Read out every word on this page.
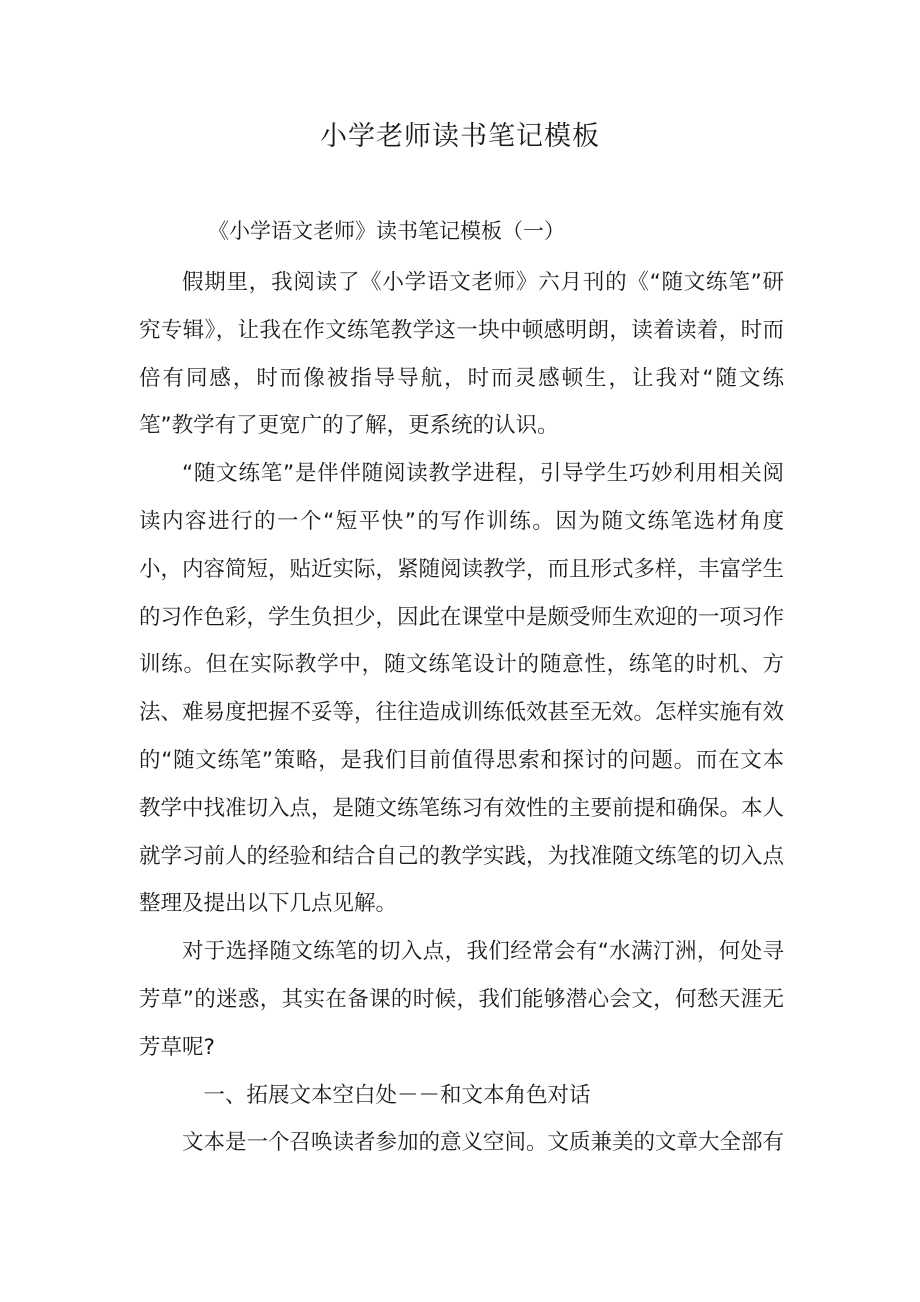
小学老师读书笔记模板

《小学语文老师》读书笔记模板（一）

假期里，我阅读了《小学语文老师》六月刊的《“随文练笔”研究专辑》，让我在作文练笔教学这一块中顿感明朗，读着读着，时而倍有同感，时而像被指导导航，时而灵感顿生，让我对“随文练笔”教学有了更宽广的了解，更系统的认识。

“随文练笔”是伴伴随阅读教学进程，引导学生巧妙利用相关阅读内容进行的一个“短平快”的写作训练。因为随文练笔选材角度小，内容简短，贴近实际，紧随阅读教学，而且形式多样，丰富学生的习作色彩，学生负担少，因此在课堂中是颇受师生欢迎的一项习作训练。但在实际教学中，随文练笔设计的随意性，练笔的时机、方法、难易度把握不妥等，往往造成训练低效甚至无效。怎样实施有效的“随文练笔”策略，是我们目前值得思索和探讨的问题。而在文本教学中找准切入点，是随文练笔练习有效性的主要前提和确保。本人就学习前人的经验和结合自己的教学实践，为找准随文练笔的切入点整理及提出以下几点见解。

对于选择随文练笔的切入点，我们经常会有“水满汀洲，何处寻芳草”的迷惑，其实在备课的时候，我们能够潜心会文，何愁天涯无芳草呢?

一、拓展文本空白处－－和文本角色对话

文本是一个召唤读者参加的意义空间。文质兼美的文章大全部有
